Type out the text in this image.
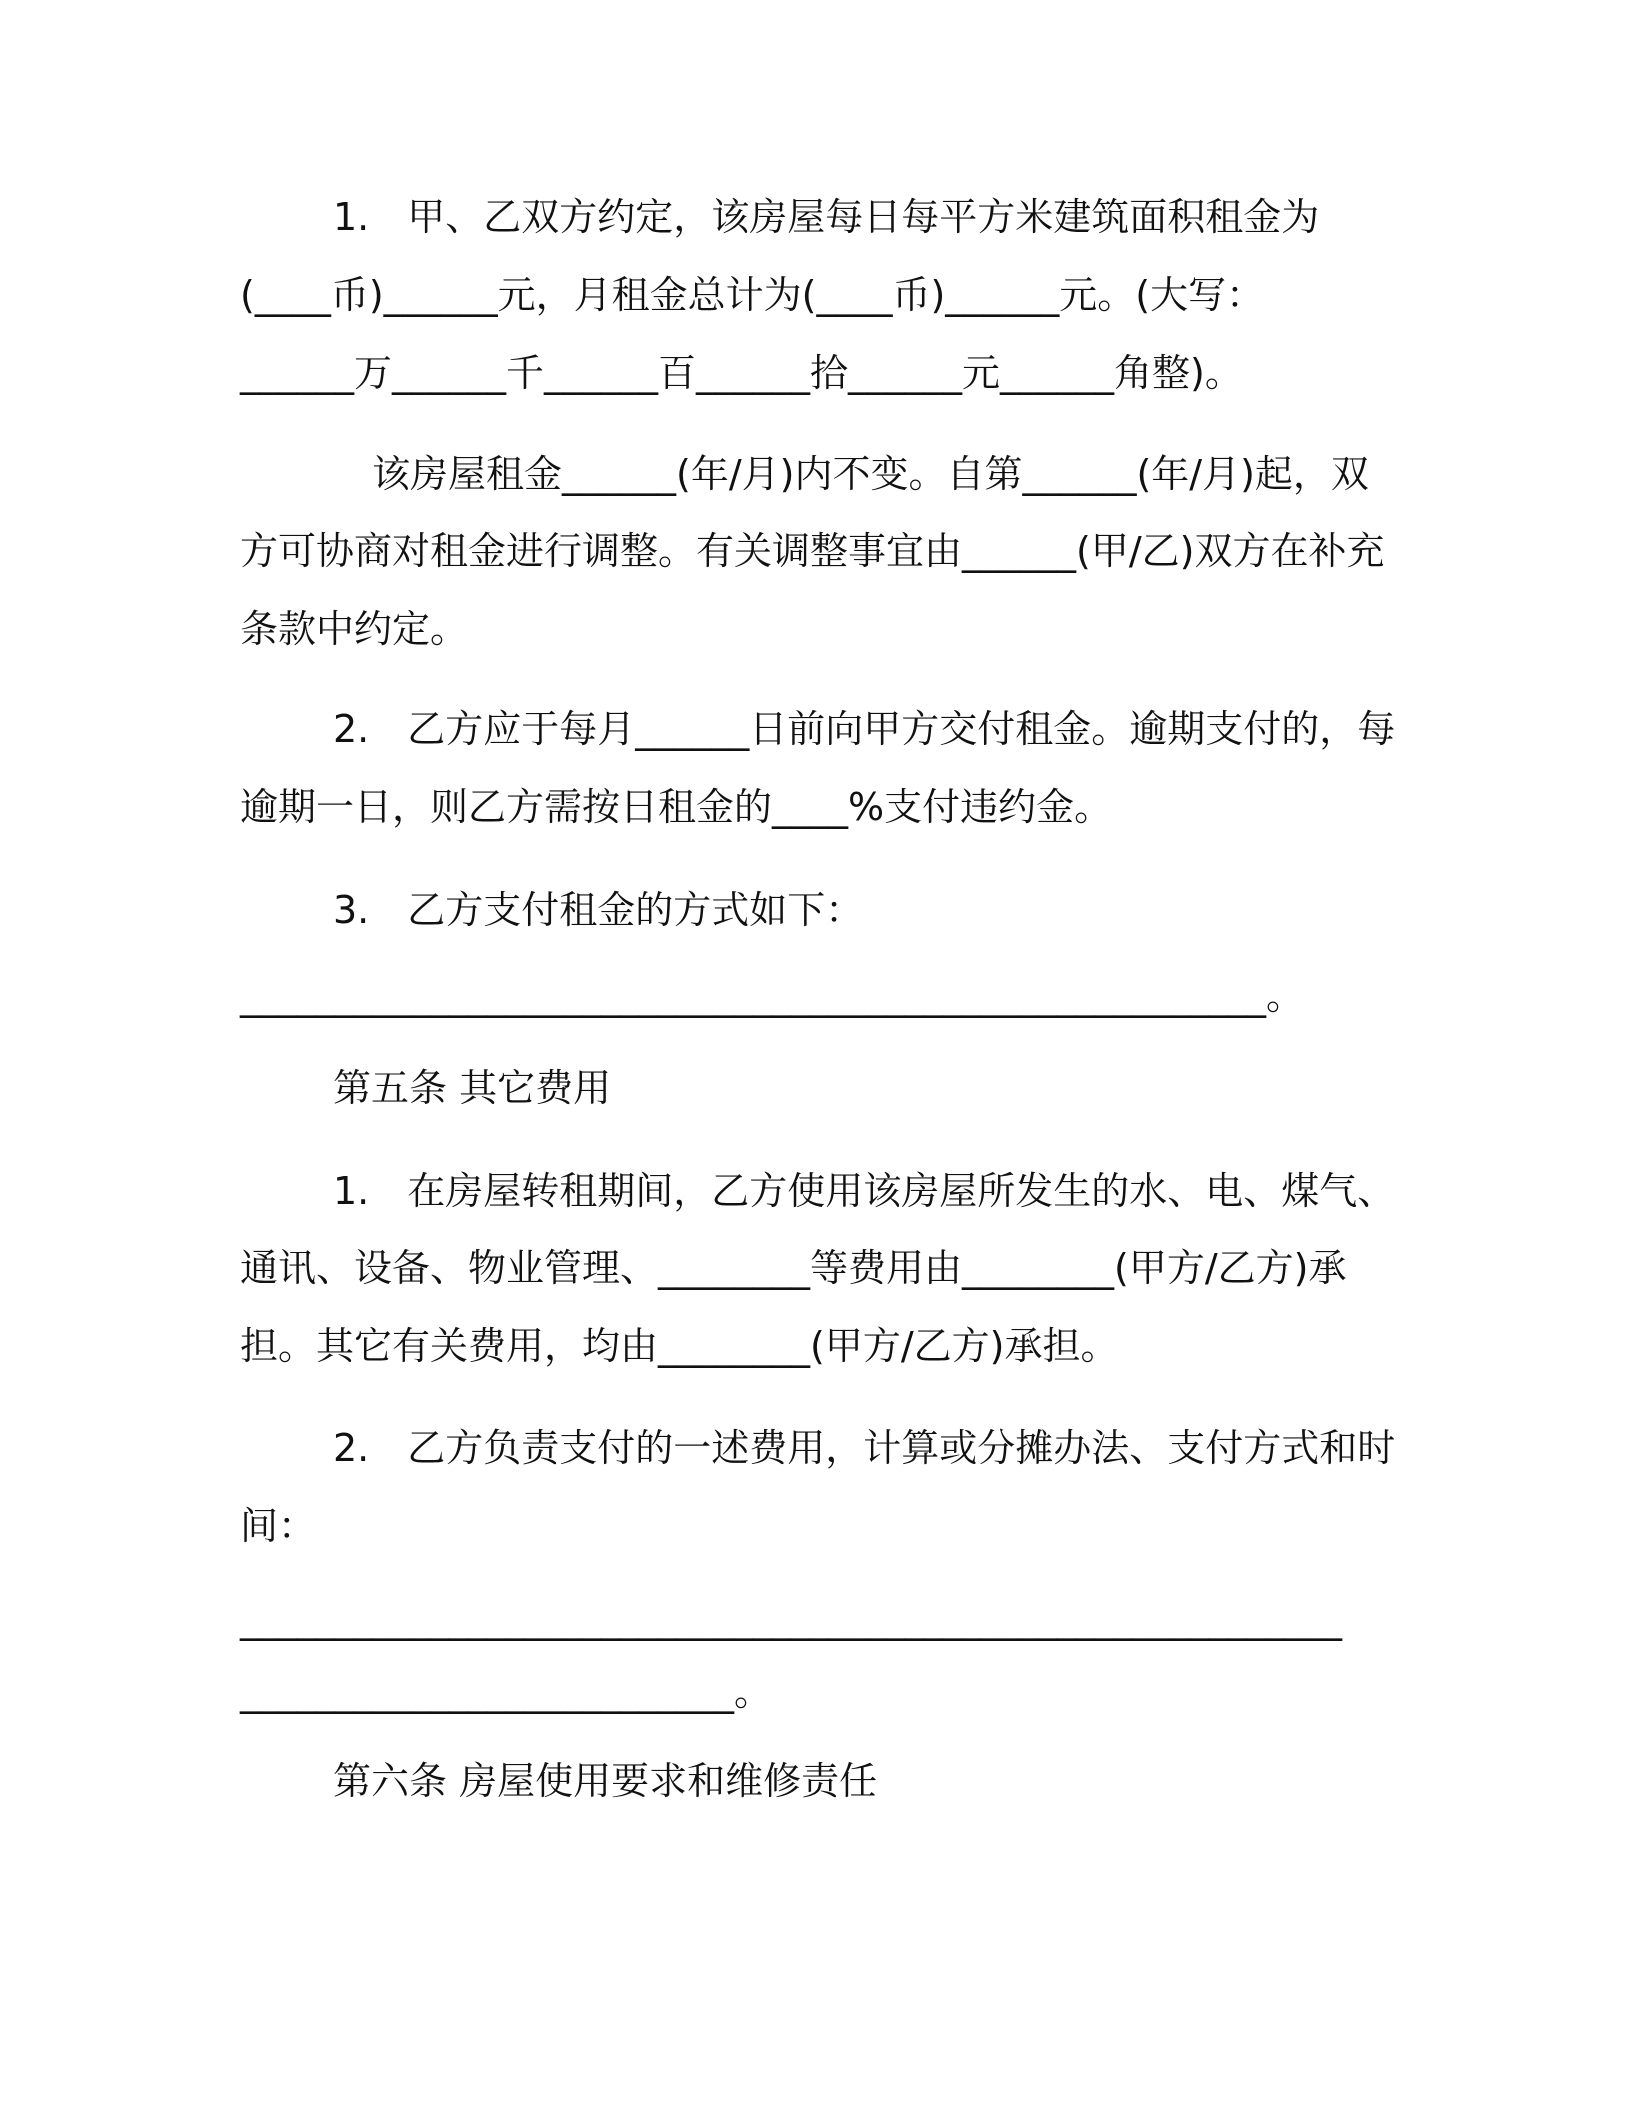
1.　甲、乙双方约定，该房屋每日每平方米建筑面积租金为
(____币)______元，月租金总计为(____币)______元。(大写：
______万______千______百______拾______元______角整)。
该房屋租金______(年/月)内不变。自第______(年/月)起，双
方可协商对租金进行调整。有关调整事宜由______(甲/乙)双方在补充
条款中约定。
2.　乙方应于每月______日前向甲方交付租金。逾期支付的，每
逾期一日，则乙方需按日租金的____%支付违约金。
3.　乙方支付租金的方式如下：
______________________________________________________。
第五条 其它费用
1.　在房屋转租期间，乙方使用该房屋所发生的水、电、煤气、
通讯、设备、物业管理、________等费用由________(甲方/乙方)承
担。其它有关费用，均由________(甲方/乙方)承担。
2.　乙方负责支付的一述费用，计算或分摊办法、支付方式和时
间：
__________________________________________________________
__________________________。
第六条 房屋使用要求和维修责任
